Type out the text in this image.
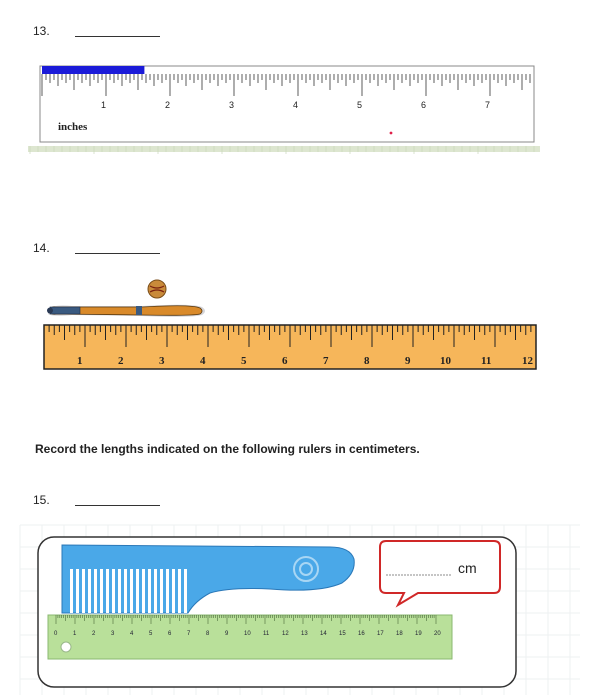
13.
1	2	3	4	5	6	7
inches
14.
1	2	3	4	5	6	7	8	9	10	11	12
Record the lengths indicated on the following rulers in centimeters.
15.
cm
0	1	2	3	4	5	6	7	8	9	10 11 12 13 14 15 16 17 18 19 20
